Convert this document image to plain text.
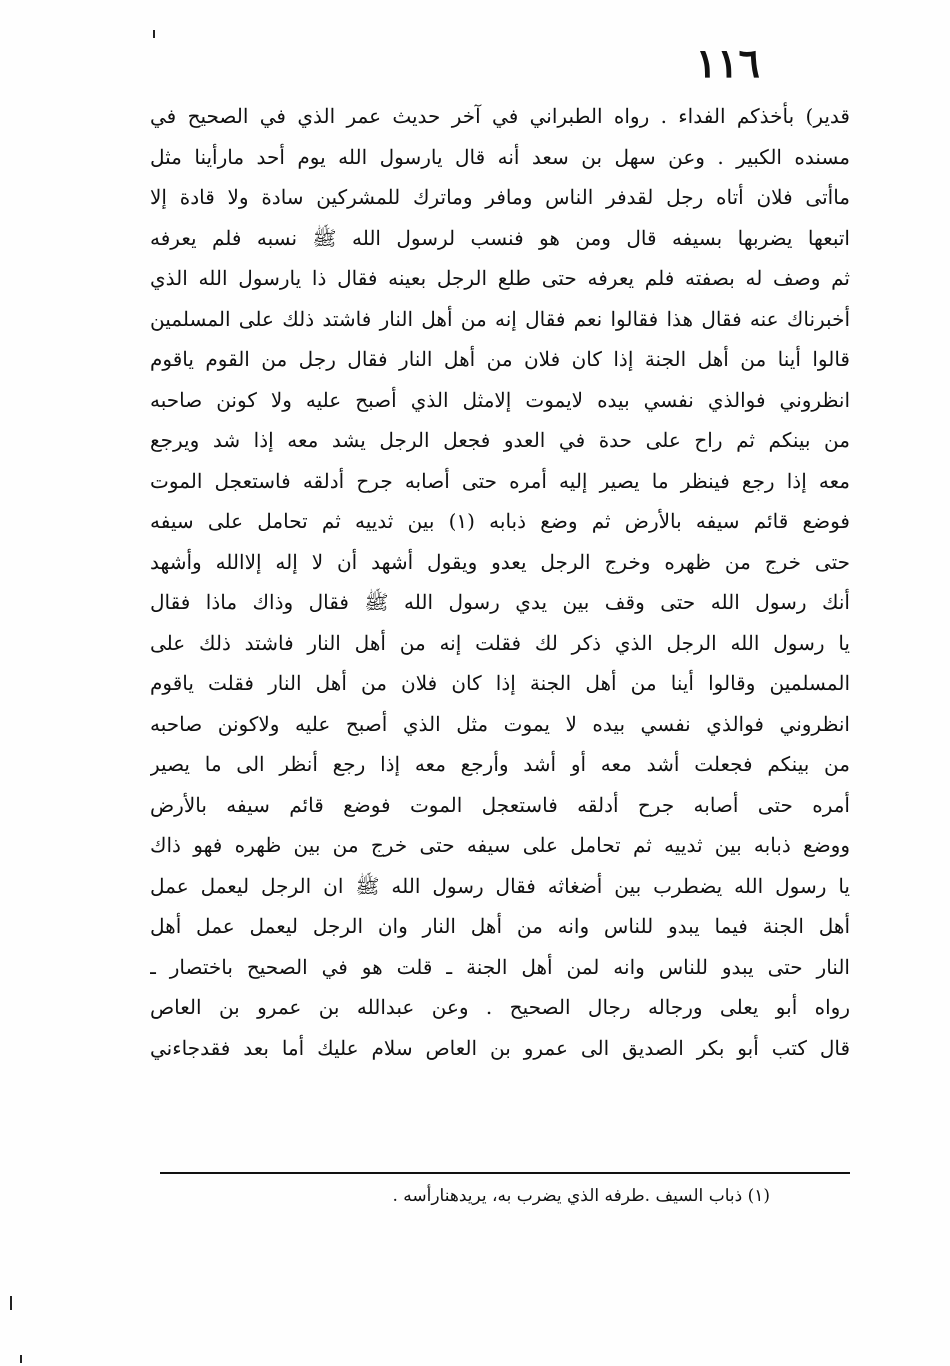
١١٦
قدير) بأخذكم الفداء . رواه الطبراني في آخر حديث عمر الذي في الصحيح في
مسنده الكبير . وعن سهل بن سعد أنه قال يارسول الله يوم أحد مارأينا مثل
ماأتى فلان أتاه رجل لقدفر الناس ومافر وماترك للمشركين سادة ولا قادة إلا
اتبعها يضربها بسيفه قال ومن هو فنسب لرسول الله ﷺ نسبه فلم يعرفه
ثم وصف له بصفته فلم يعرفه حتى طلع الرجل بعينه فقال ذا يارسول الله الذي
أخبرناك عنه فقال هذا فقالوا نعم فقال إنه من أهل النار فاشتد ذلك على المسلمين
قالوا أينا من أهل الجنة إذا كان فلان من أهل النار فقال رجل من القوم ياقوم
انظروني فوالذي نفسي بيده لايموت إلامثل الذي أصبح عليه ولا كونن صاحبه
من بينكم ثم راح على حدة في العدو فجعل الرجل يشد معه إذا شد ويرجع
معه إذا رجع فينظر ما يصير إليه أمره حتى أصابه جرح أدلقه فاستعجل الموت
فوضع قائم سيفه بالأرض ثم وضع ذبابه (١) بين ثدييه ثم تحامل على سيفه
حتى خرج من ظهره وخرج الرجل يعدو ويقول أشهد أن لا إله إلاالله وأشهد
أنك رسول الله حتى وقف بين يدي رسول الله ﷺ فقال وذاك ماذا فقال
يا رسول الله الرجل الذي ذكر لك فقلت إنه من أهل النار فاشتد ذلك على
المسلمين وقالوا أينا من أهل الجنة إذا كان فلان من أهل النار فقلت ياقوم
انظروني فوالذي نفسي بيده لا يموت مثل الذي أصبح عليه ولاكونن صاحبه
من بينكم فجعلت أشد معه أو أشد وأرجع معه إذا رجع أنظر الى ما يصير
أمره حتى أصابه جرح أدلقه فاستعجل الموت فوضع قائم سيفه بالأرض
ووضع ذبابه بين ثدييه ثم تحامل على سيفه حتى خرج من بين ظهره فهو ذاك
يا رسول الله يضطرب بين أضغاثه فقال رسول الله ﷺ ان الرجل ليعمل عمل
أهل الجنة فيما يبدو للناس وانه من أهل النار وان الرجل ليعمل عمل أهل
النار حتى يبدو للناس وانه لمن أهل الجنة ـ قلت هو في الصحيح باختصار ـ
رواه أبو يعلى ورجاله رجال الصحيح . وعن عبدالله بن عمرو بن العاص
قال كتب أبو بكر الصديق الى عمرو بن العاص سلام عليك أما بعد فقدجاءني
(١) ذباب السيف .طرفه الذي يضرب به، يريدهنارأسه .
